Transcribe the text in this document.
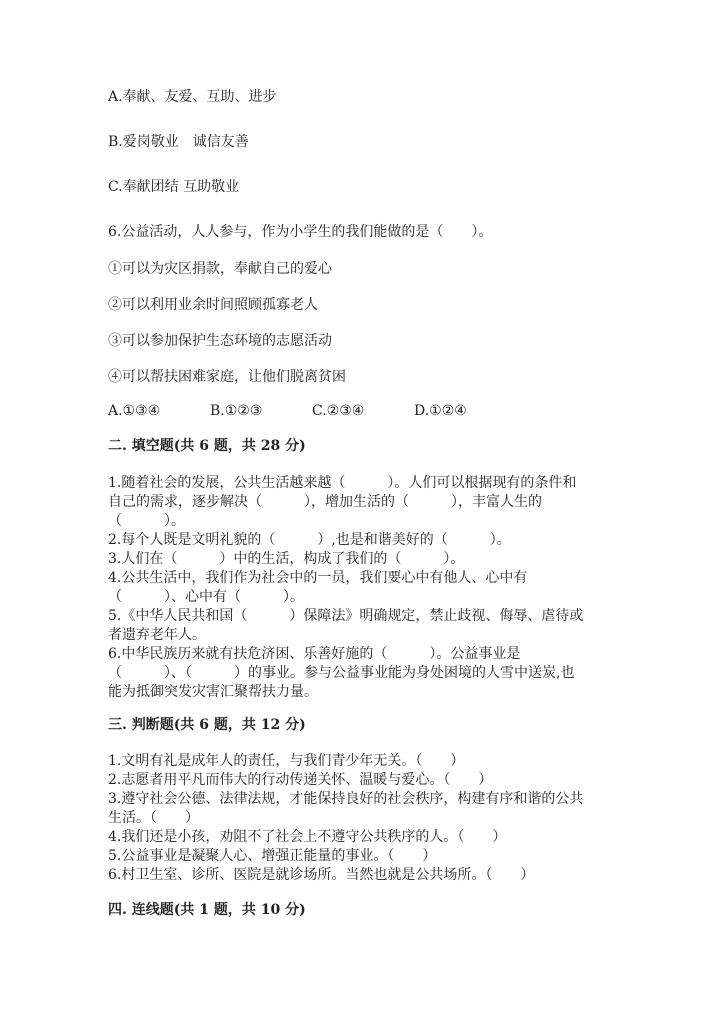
A.奉献、友爱、互助、进步
B.爱岗敬业　诚信友善
C.奉献团结 互助敬业
6.公益活动，人人参与，作为小学生的我们能做的是（　　）。
①可以为灾区捐款，奉献自己的爱心
②可以利用业余时间照顾孤寡老人
③可以参加保护生态环境的志愿活动
④可以帮扶困难家庭，让他们脱离贫困
A.①③④	B.①②③	C.②③④	D.①②④
二. 填空题(共 6 题，共 28 分)
1.随着社会的发展，公共生活越来越（　　　）。人们可以根据现有的条件和
自己的需求，逐步解决（　　　），增加生活的（　　　），丰富人生的
（　　　）。
2.每个人既是文明礼貌的（　　　）,也是和谐美好的（　　　）。
3.人们在（　　　）中的生活，构成了我们的（　　　）。
4.公共生活中，我们作为社会中的一员，我们要心中有他人、心中有
（　　　）、心中有（　　　）。
5.《中华人民共和国（　　　）保障法》明确规定，禁止歧视、侮辱、虐待或
者遗弃老年人。
6.中华民族历来就有扶危济困、乐善好施的（　　　）。公益事业是
（　　　）、（　　　）的事业。参与公益事业能为身处困境的人雪中送炭,也
能为抵御突发灾害汇聚帮扶力量。
三. 判断题(共 6 题，共 12 分)
1.文明有礼是成年人的责任，与我们青少年无关。（　　）
2.志愿者用平凡而伟大的行动传递关怀、温暖与爱心。（　　）
3.遵守社会公德、法律法规，才能保持良好的社会秩序，构建有序和谐的公共
生活。（　　）
4.我们还是小孩，劝阻不了社会上不遵守公共秩序的人。（　　）
5.公益事业是凝聚人心、增强正能量的事业。（　　）
6.村卫生室、诊所、医院是就诊场所。当然也就是公共场所。（　　）
四. 连线题(共 1 题，共 10 分)
